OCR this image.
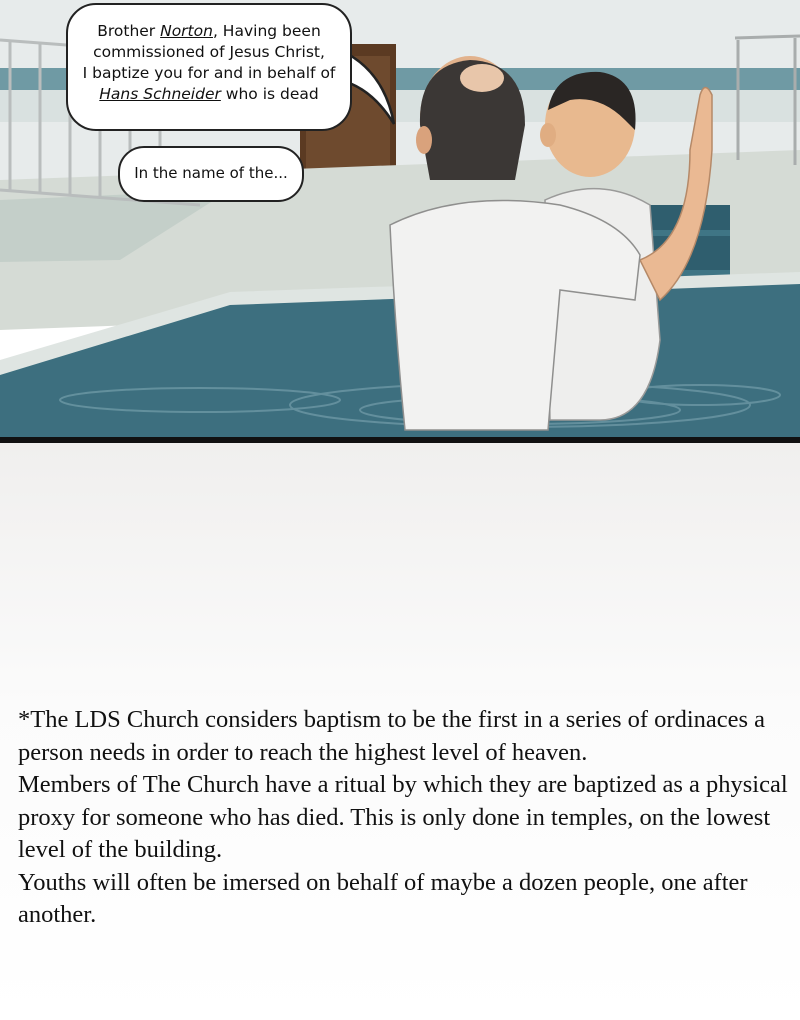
Brother Norton, Having been
commissioned of Jesus Christ,
I baptize you for and in behalf of
Hans Schneider who is dead
In the name of the...

*The LDS Church considers baptism to be the first in a series of ordinaces a person needs in order to reach the highest level of heaven.

Members of The Church have a ritual by which they are baptized as a physical proxy for someone who has died. This is only done in temples, on the lowest level of the building.

Youths will often be imersed on behalf of maybe a dozen people, one after another.
